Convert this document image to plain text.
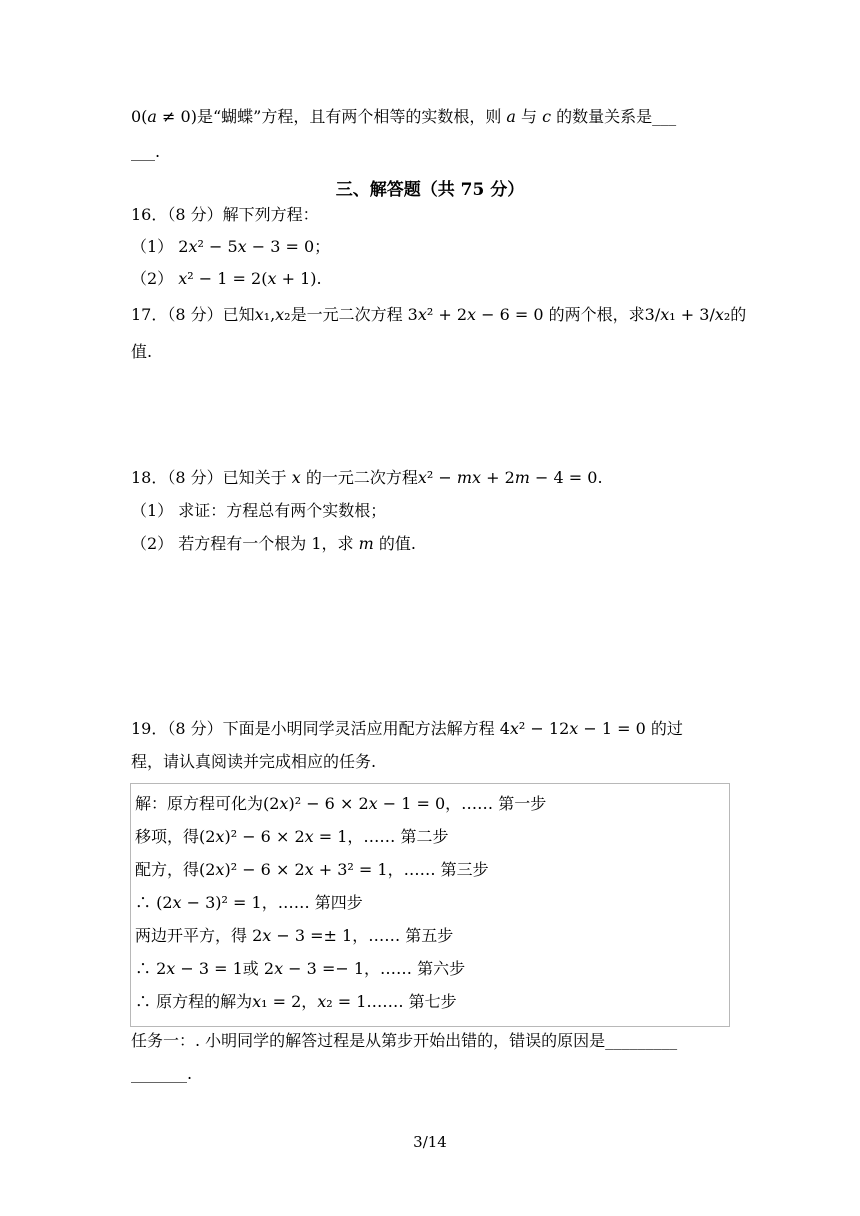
0(𝑎 ≠ 0)是“蝴蝶”方程，且有两个相等的实数根，则 𝑎 与 𝑐 的数量关系是___
___.
三、解答题（共 75 分）
16．（8 分）解下列方程：
（1） 2𝑥² − 5𝑥 − 3 = 0；
（2） 𝑥² − 1 = 2(𝑥 + 1).
17．（8 分）已知𝑥₁,𝑥₂是一元二次方程 3𝑥² + 2𝑥 − 6 = 0 的两个根，求3/𝑥₁ + 3/𝑥₂的
值.
18．（8 分）已知关于 𝑥 的一元二次方程𝑥² − 𝑚𝑥 + 2𝑚 − 4 = 0.
（1） 求证：方程总有两个实数根；
（2） 若方程有一个根为 1，求 𝑚 的值.
19．（8 分）下面是小明同学灵活应用配方法解方程 4𝑥² − 12𝑥 − 1 = 0 的过
程，请认真阅读并完成相应的任务.
解：原方程可化为(2𝑥)² − 6 × 2𝑥 − 1 = 0，…… 第一步
移项，得(2𝑥)² − 6 × 2𝑥 = 1，…… 第二步
配方，得(2𝑥)² − 6 × 2𝑥 + 3² = 1，…… 第三步
∴ (2𝑥 − 3)² = 1，…… 第四步
两边开平方，得 2𝑥 − 3 =± 1，…… 第五步
∴ 2𝑥 − 3 = 1或 2𝑥 − 3 =− 1，…… 第六步
∴ 原方程的解为𝑥₁ = 2，𝑥₂ = 1.…… 第七步
任务一：. 小明同学的解答过程是从第步开始出错的，错误的原因是_________
_______.
3/14
